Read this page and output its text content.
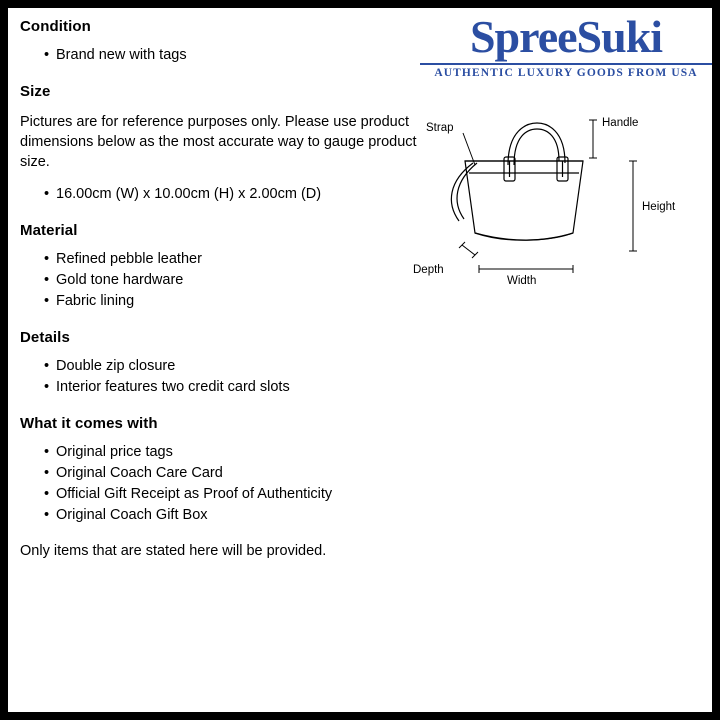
SpreeSuki
AUTHENTIC LUXURY GOODS FROM USA
Handle
Strap
Height
Width
Depth
Condition
• Brand new with tags
Size

Pictures are for reference purposes only. Please use product dimensions below as the most accurate way to gauge product size.

• 16.00cm (W) x 10.00cm (H) x 2.00cm (D)
Material
• Refined pebble leather
• Gold tone hardware
• Fabric lining
Details
• Double zip closure
• Interior features two credit card slots
What it comes with
• Original price tags
• Original Coach Care Card
• Official Gift Receipt as Proof of Authenticity
• Original Coach Gift Box
Only items that are stated here will be provided.
